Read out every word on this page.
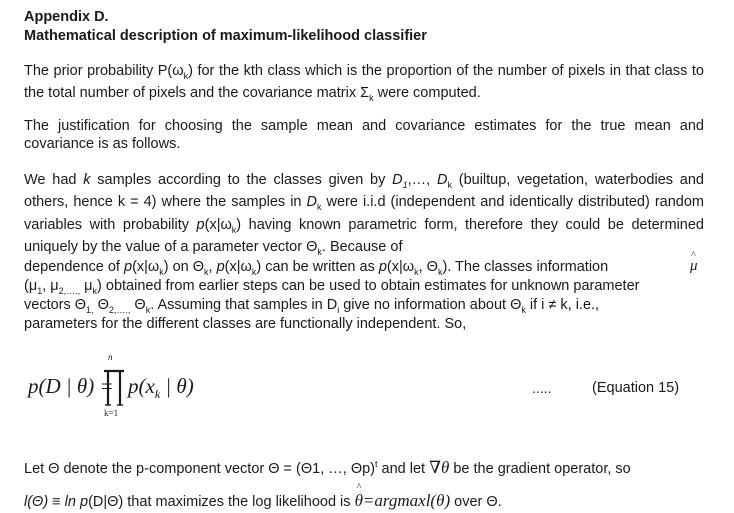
Appendix D.
Mathematical description of maximum-likelihood classifier
The prior probability $P(\omega_k)$ for the kth class which is the proportion of the number of pixels in that class to the total number of pixels and the covariance matrix $\Sigma_k$ were computed.
The justification for choosing the sample mean and covariance estimates for the true mean and covariance is as follows.
We had k samples according to the classes given by $D_1,\dots$, $D_k$ (builtup, vegetation, waterbodies and others, hence k = 4) where the samples in $D_k$ were i.i.d (independent and identically distributed) random variables with probability $p(x|\omega_k)$ having known parametric form, therefore they could be determined uniquely by the value of a parameter vector $\Theta_k$. Because of
dependence of $p(x|\omega_k)$ on $\Theta_k$, $p(x|\omega_k)$ can be written as $p(x|\omega_k$, $\Theta_k$). The classes information
^
μ
($\mu_1$, $\mu_{2,\dots.,}$ $\mu_k$) obtained from earlier steps can be used to obtain estimates for unknown parameter
vectors $\Theta_{1,}$ $\Theta_{2,\dots.,}$ $\Theta_k$. Assuming that samples in $D_i$ give no information about $\Theta_k$ if i ≠ k, i.e.,
parameters for the different classes are functionally independent. So,
p(D | θ) =
n
k=1
$p(x_k$ | θ)	.....	(Equation 15)
Let Θ denote the p-component vector Θ = (Θ1, …, Θp)$^t$ and let ∇θ be the gradient operator, so
l(Θ) ≡ ln p(D|Θ) that maximizes the log likelihood is
^
θ=argmaxl(θ) over Θ.
